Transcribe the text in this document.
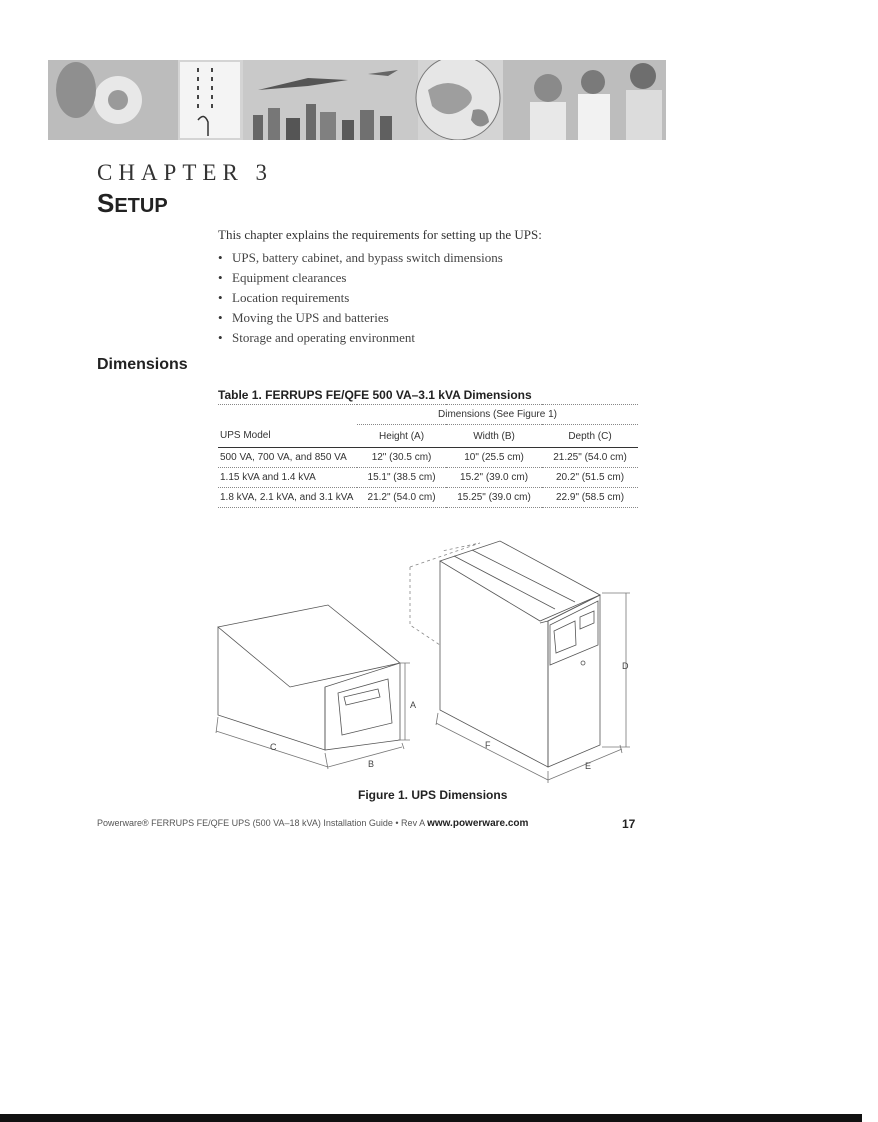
CHAPTER 3
SETUP
This chapter explains the requirements for setting up the UPS:
• UPS, battery cabinet, and bypass switch dimensions
• Equipment clearances
• Location requirements
• Moving the UPS and batteries
• Storage and operating environment
Dimensions
Table 1. FERRUPS FE/QFE 500 VA–3.1 kVA Dimensions
	Dimensions (See Figure 1)		
UPS Model	Height (A)	Width (B)	Depth (C)
500 VA, 700 VA, and 850 VA	12" (30.5 cm)	10" (25.5 cm)	21.25" (54.0 cm)
1.15 kVA and 1.4 kVA	15.1" (38.5 cm)	15.2" (39.0 cm)	20.2" (51.5 cm)
1.8 kVA, 2.1 kVA, and 3.1 kVA	21.2" (54.0 cm)	15.25" (39.0 cm)	22.9" (58.5 cm)
A
B
C
D
E
F
Figure 1. UPS Dimensions
Powerware® FERRUPS FE/QFE UPS (500 VA–18 kVA) Installation Guide • Rev A www.powerware.com	17
